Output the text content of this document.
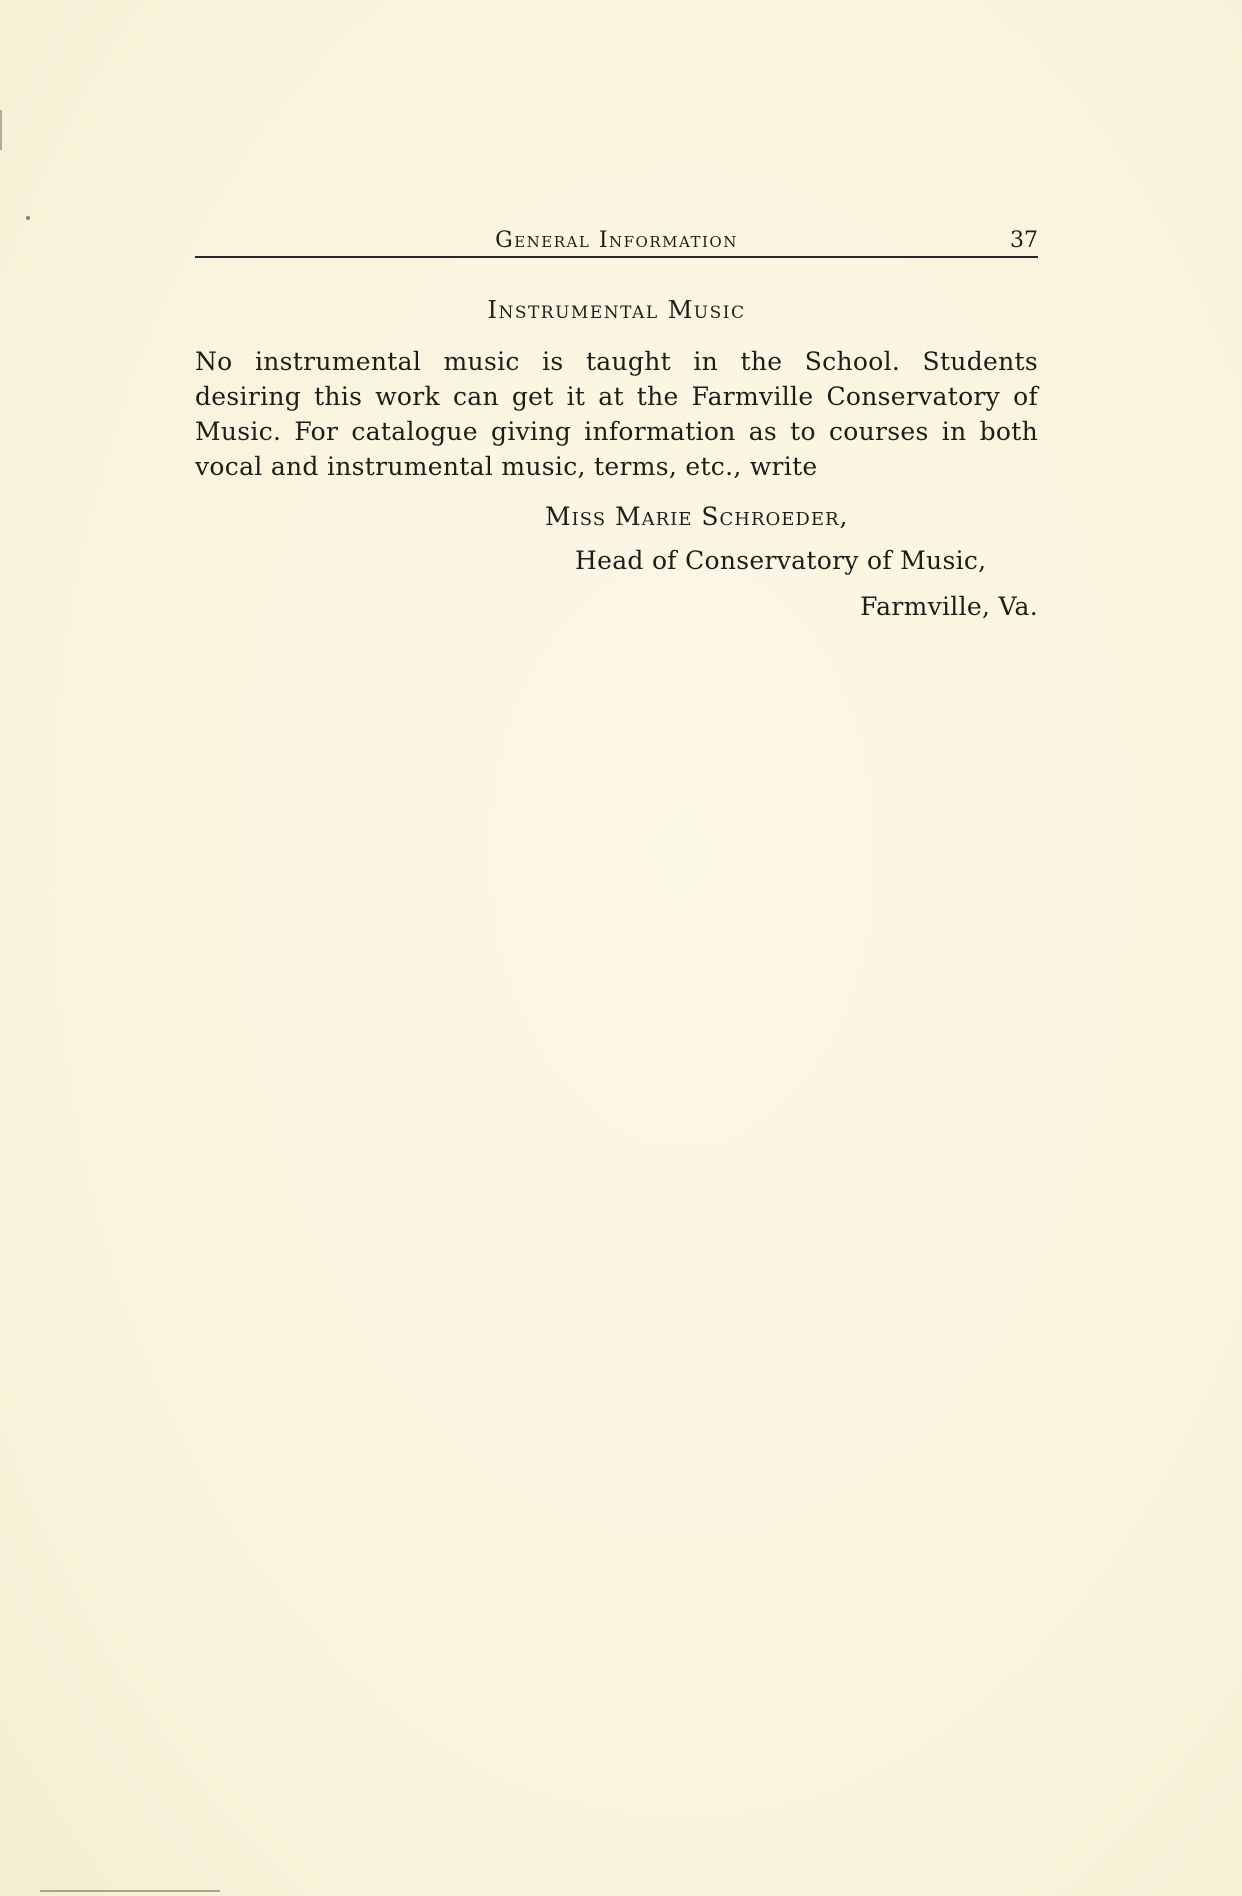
General Information	37
Instrumental Music
No instrumental music is taught in the School. Students
desiring this work can get it at the Farmville Conservatory of
Music. For catalogue giving information as to courses in both
vocal and instrumental music, terms, etc., write
Miss Marie Schroeder,
Head of Conservatory of Music,
Farmville, Va.
